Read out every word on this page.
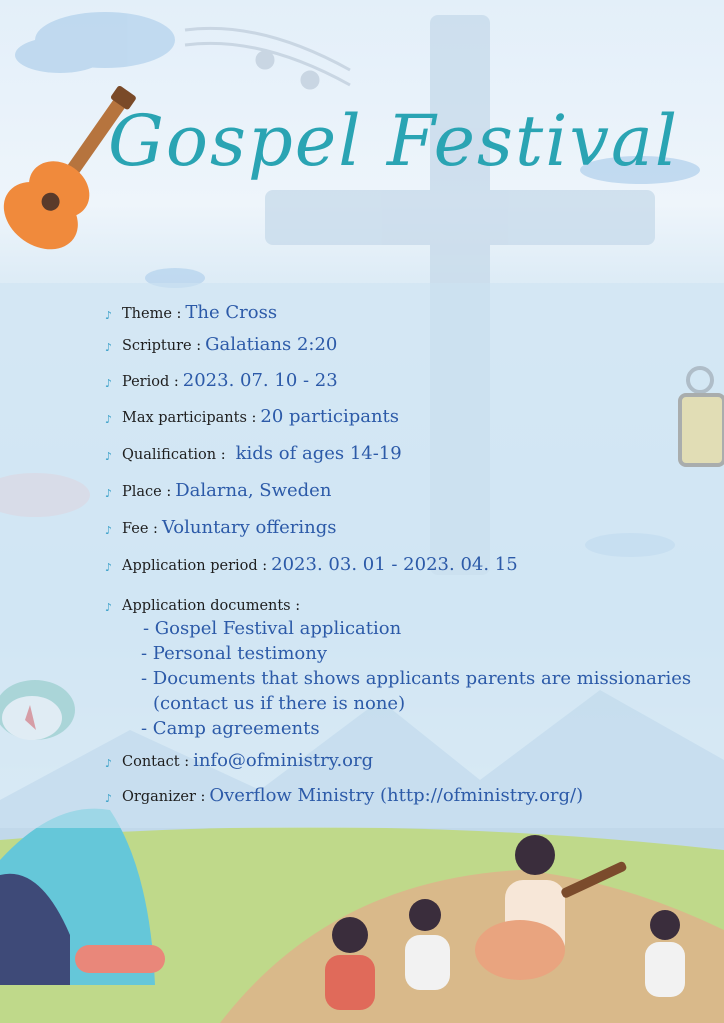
Gospel Festival
♪ Theme : The Cross
♪ Scripture : Galatians 2:20
♪ Period : 2023. 07. 10 - 23
♪ Max participants : 20 participants
♪ Qualification : kids of ages 14-19
♪ Place : Dalarna, Sweden
♪ Fee : Voluntary offerings
♪ Application period : 2023. 03. 01 - 2023. 04. 15
♪ Application documents :
- Gospel Festival application
- Personal testimony
- Documents that shows applicants parents are missionaries
(contact us if there is none)
- Camp agreements
♪ Contact : info@ofministry.org
♪ Organizer : Overflow Ministry (http://ofministry.org/)
